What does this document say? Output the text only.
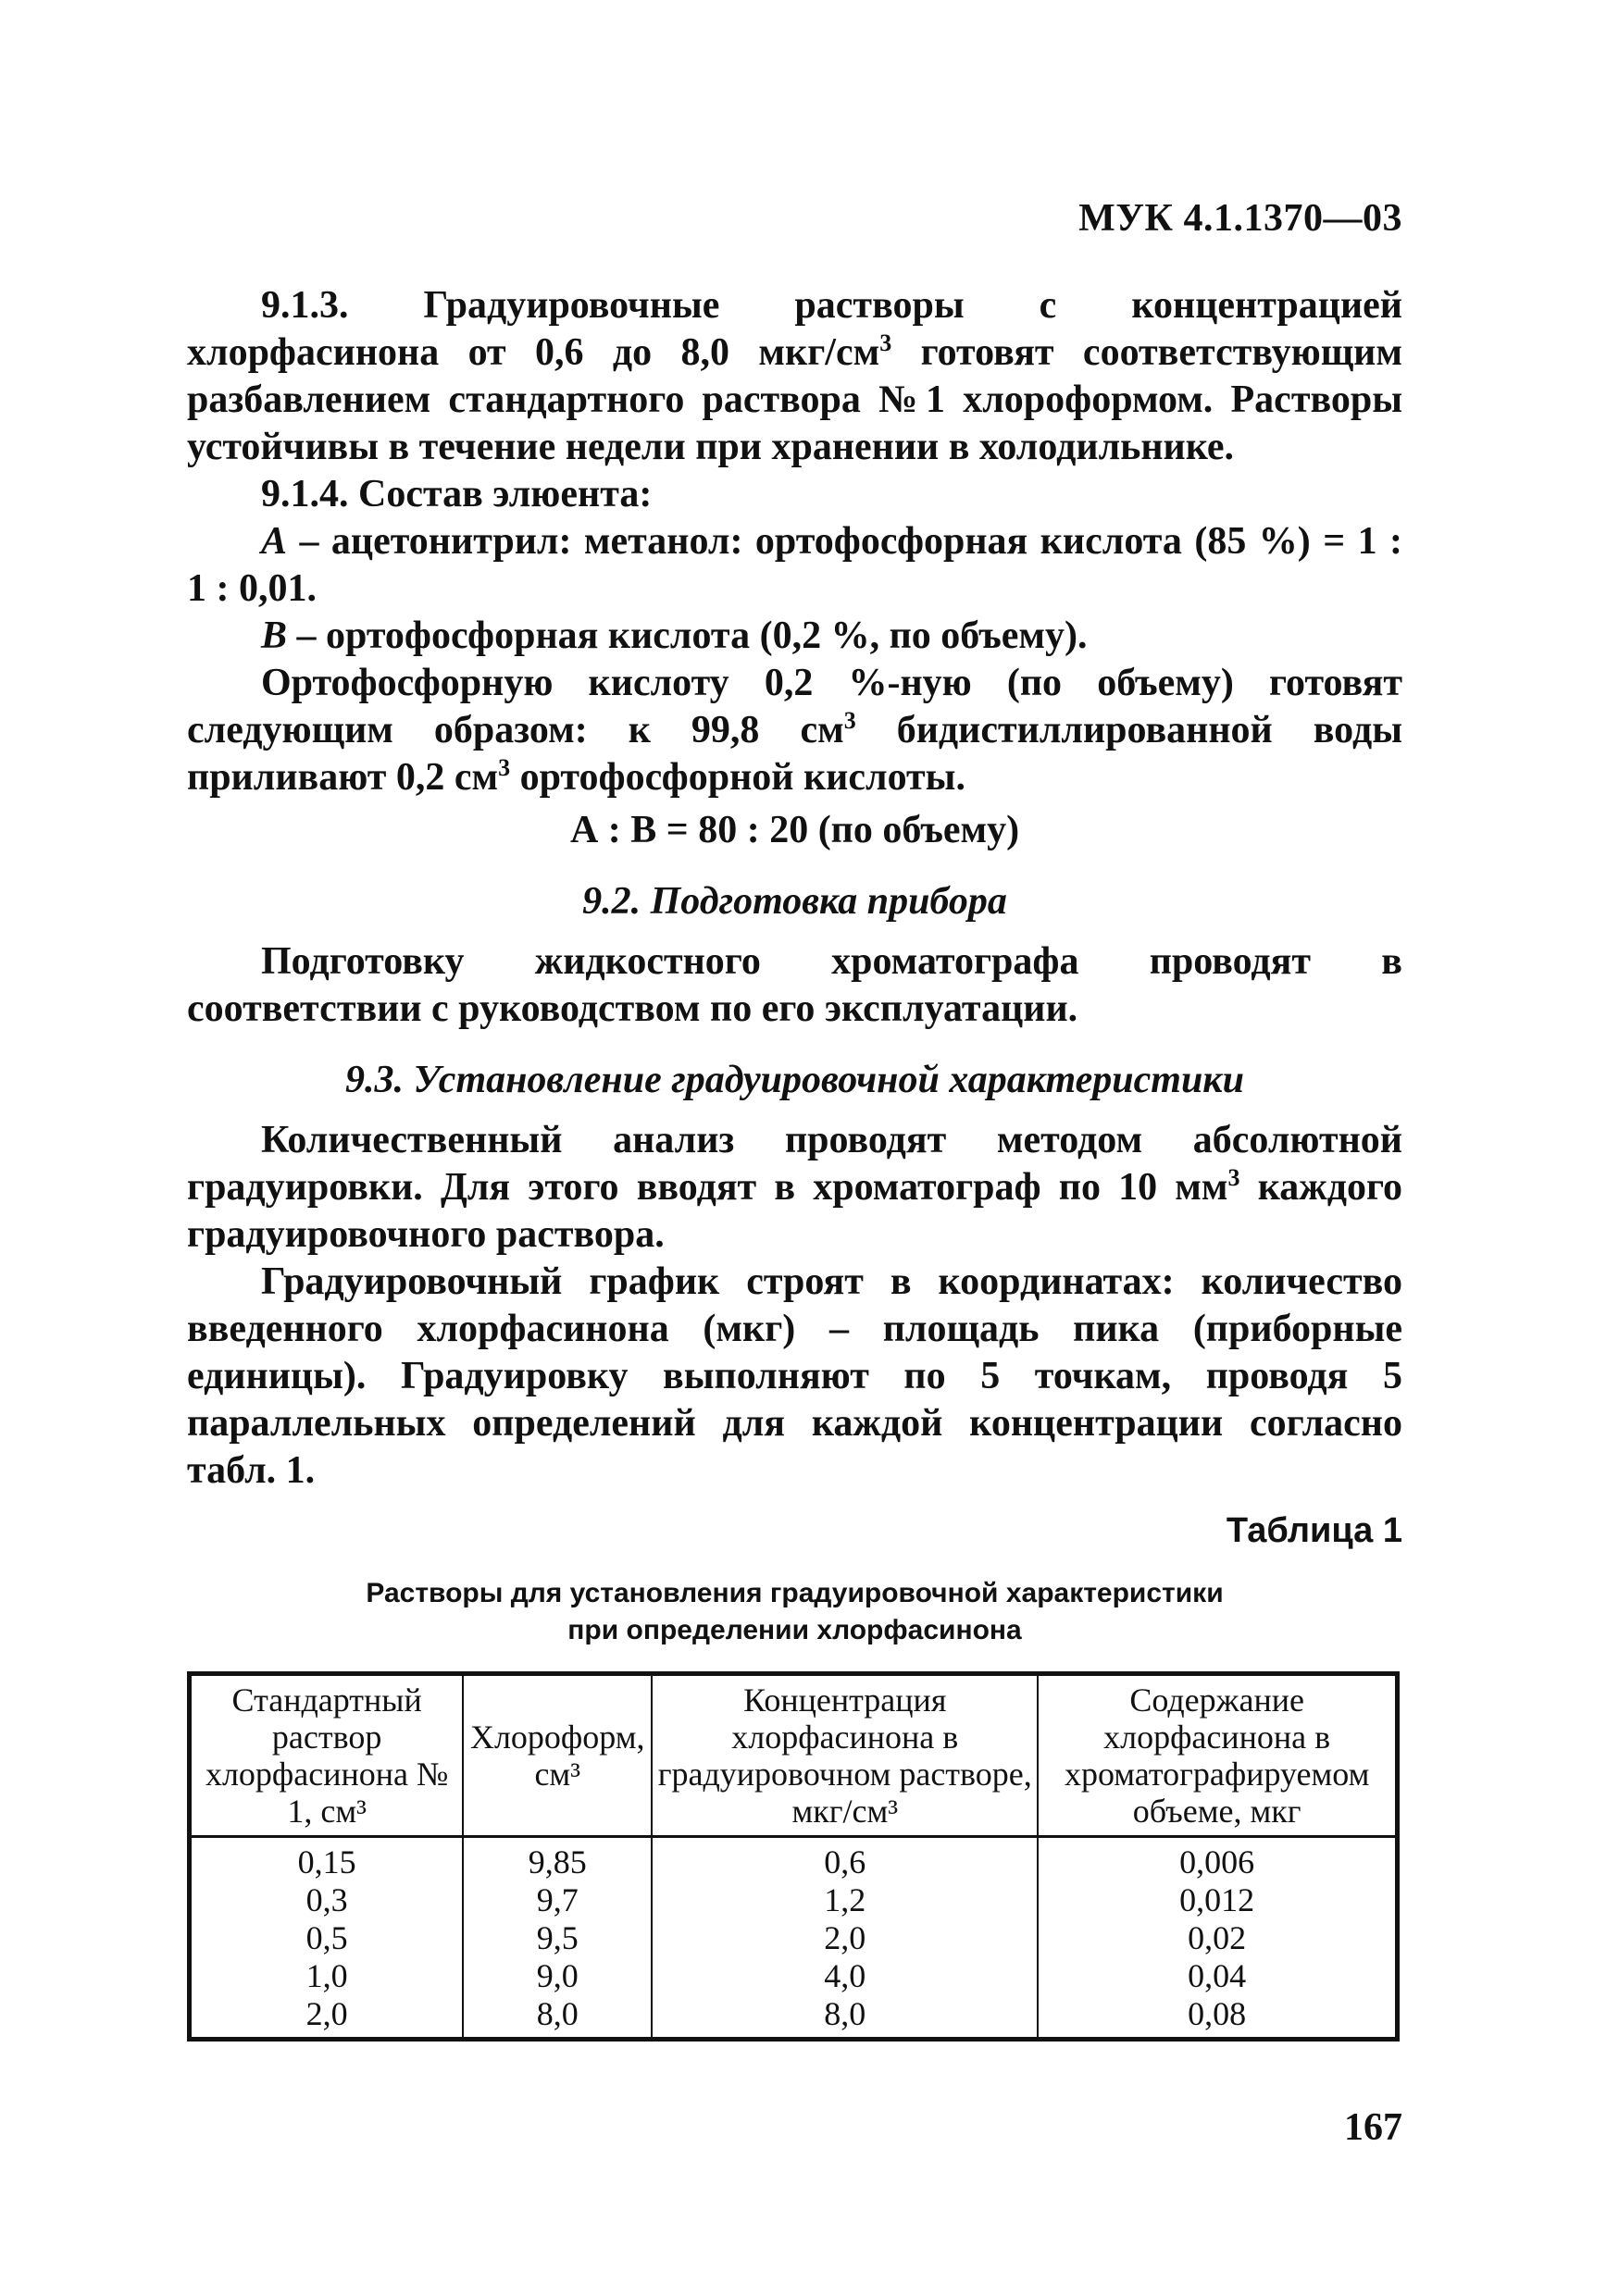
МУК 4.1.1370—03

9.1.3. Градуировочные растворы с концентрацией хлорфасинона от 0,6 до 8,0 мкг/$см^3$ готовят соответствующим разбавлением стандартного раствора №1 хлороформом. Растворы устойчивы в течение недели при хранении в холодильнике.

9.1.4. Состав элюента:

А – ацетонитрил: метанол: ортофосфорная кислота (85 %) = 1 : 1 : 0,01.

В – ортофосфорная кислота (0,2 %, по объему).

Ортофосфорную кислоту 0,2 %-ную (по объему) готовят следующим образом: к 99,8 $см^3$ бидистиллированной воды приливают 0,2 $см^3$ ортофосфорной кислоты.

А : В = 80 : 20 (по объему)

9.2. Подготовка прибора

Подготовку жидкостного хроматографа проводят в соответствии с руководством по его эксплуатации.

9.3. Установление градуировочной характеристики

Количественный анализ проводят методом абсолютной градуировки. Для этого вводят в хроматограф по 10 $мм^3$ каждого градуировочного раствора.

Градуировочный график строят в координатах: количество введенного хлорфасинона (мкг) – площадь пика (приборные единицы). Градуировку выполняют по 5 точкам, проводя 5 параллельных определений для каждой концентрации согласно табл. 1.

Таблица 1
Растворы для установления градуировочной характеристики
при определении хлорфасинона
Стандартный раствор хлорфасинона № 1, см³	Хлороформ, см³	Концентрация хлорфасинона в градуировочном растворе, мкг/см³	Содержание хлорфасинона в хроматографируемом объеме, мкг
0,15	9,85	0,6	0,006
0,3	9,7	1,2	0,012
0,5	9,5	2,0	0,02
1,0	9,0	4,0	0,04
2,0	8,0	8,0	0,08
167
